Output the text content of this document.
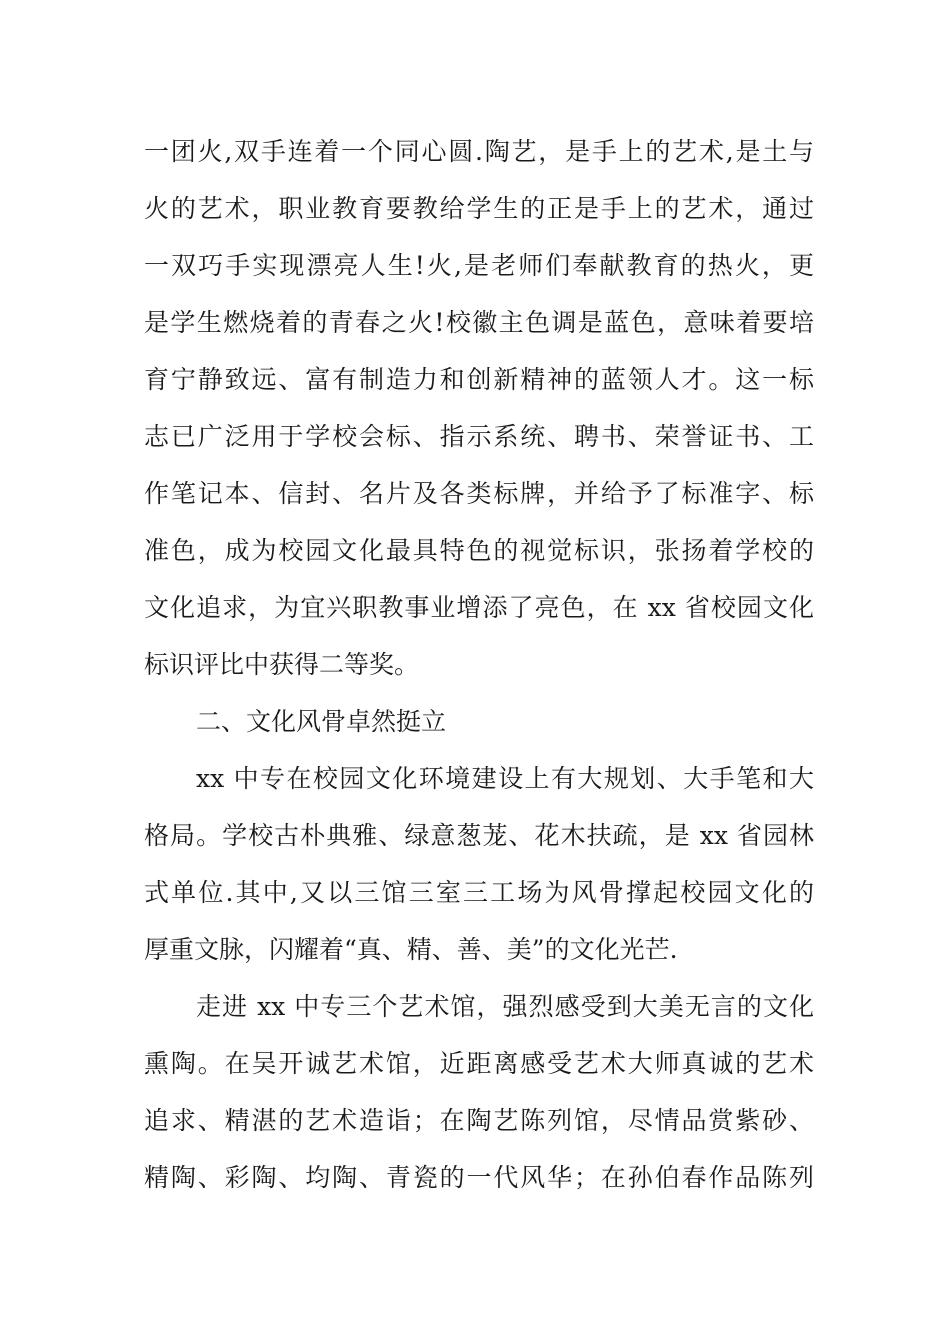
一团火,双手连着一个同心圆.陶艺，是手上的艺术,是土与
火的艺术，职业教育要教给学生的正是手上的艺术，通过
一双巧手实现漂亮人生!火,是老师们奉献教育的热火，更
是学生燃烧着的青春之火!校徽主色调是蓝色，意味着要培
育宁静致远、富有制造力和创新精神的蓝领人才。这一标
志已广泛用于学校会标、指示系统、聘书、荣誉证书、工
作笔记本、信封、名片及各类标牌，并给予了标准字、标
准色，成为校园文化最具特色的视觉标识，张扬着学校的
文化追求，为宜兴职教事业增添了亮色，在 xx 省校园文化
标识评比中获得二等奖。
二、文化风骨卓然挺立
xx 中专在校园文化环境建设上有大规划、大手笔和大
格局。学校古朴典雅、绿意葱茏、花木扶疏，是 xx 省园林
式单位.其中,又以三馆三室三工场为风骨撑起校园文化的
厚重文脉，闪耀着“真、精、善、美”的文化光芒.
走进 xx 中专三个艺术馆，强烈感受到大美无言的文化
熏陶。在吴开诚艺术馆，近距离感受艺术大师真诚的艺术
追求、精湛的艺术造诣；在陶艺陈列馆，尽情品赏紫砂、
精陶、彩陶、均陶、青瓷的一代风华；在孙伯春作品陈列
